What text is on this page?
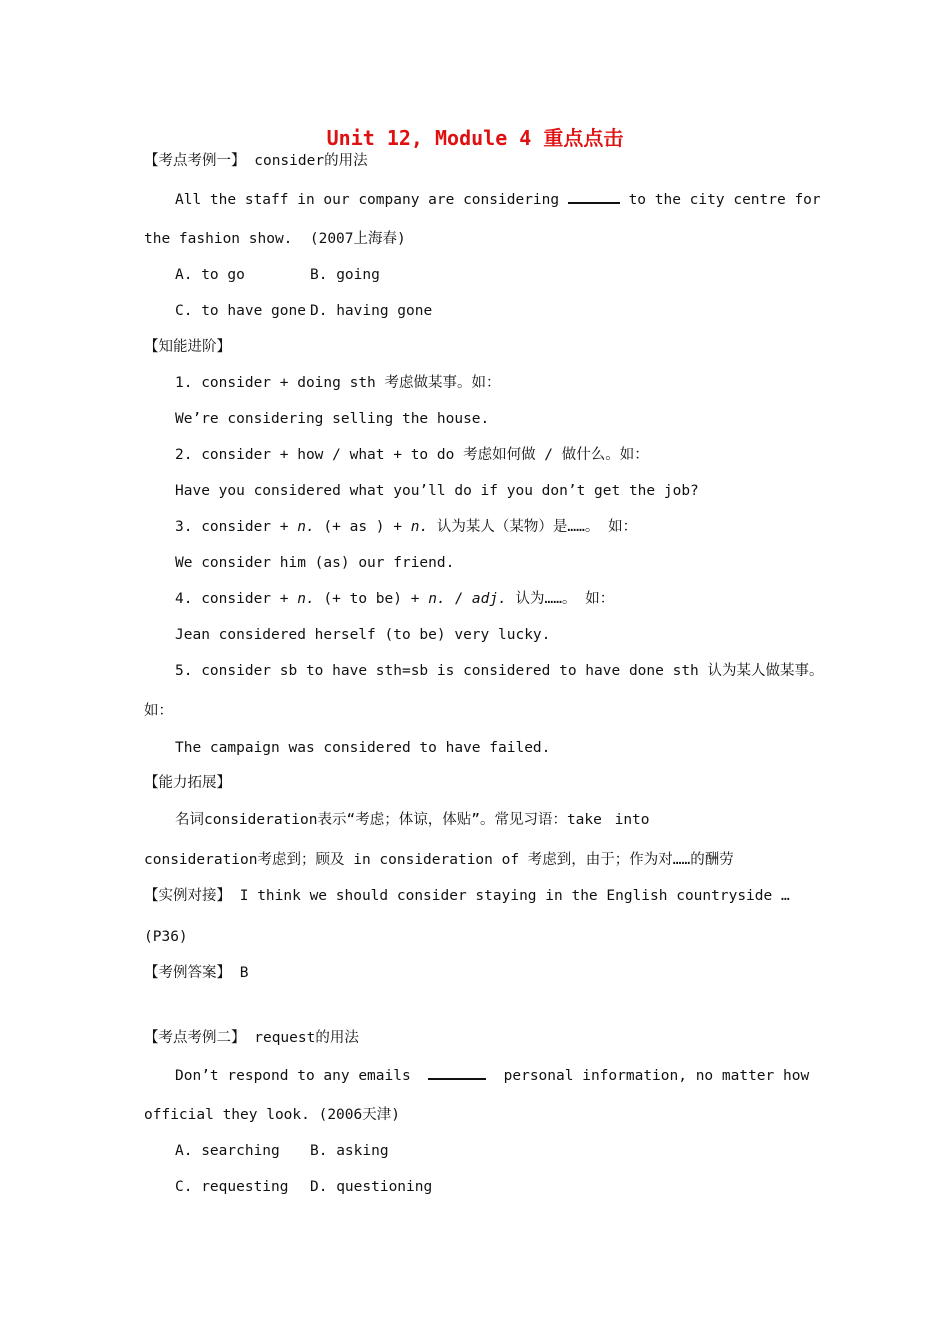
Unit 12, Module 4 重点点击
【考点考例一】 consider的用法
All the staff in our company are considering	to the city centre for
the fashion show.  (2007上海春)
A. to go	B. going
C. to have gone D. having gone
【知能进阶】
1. consider + doing sth 考虑做某事。如：
We’re considering selling the house.
2. consider + how / what + to do 考虑如何做 / 做什么。如：
Have you considered what you’ll do if you don’t get the job?
3. consider + n. (+ as ) + n. 认为某人（某物）是……。 如：
We consider him (as) our friend.
4. consider + n. (+ to be) + n. / adj. 认为……。 如：
Jean considered herself (to be) very lucky.
5. consider sb to have sth=sb is considered to have done sth 认为某人做某事。
如：
The campaign was considered to have failed.
【能力拓展】
名词consideration表示“考虑；体谅，体贴”。常见习语：take into
consideration考虑到；顾及 in consideration of 考虑到，由于；作为对……的酬劳
【实例对接】 I think we should consider staying in the English countryside …
(P36)
【考例答案】 B
【考点考例二】 request的用法
Don’t respond to any emails	personal information, no matter how
official they look. (2006天津)
A. searching B. asking
C. requesting D. questioning
